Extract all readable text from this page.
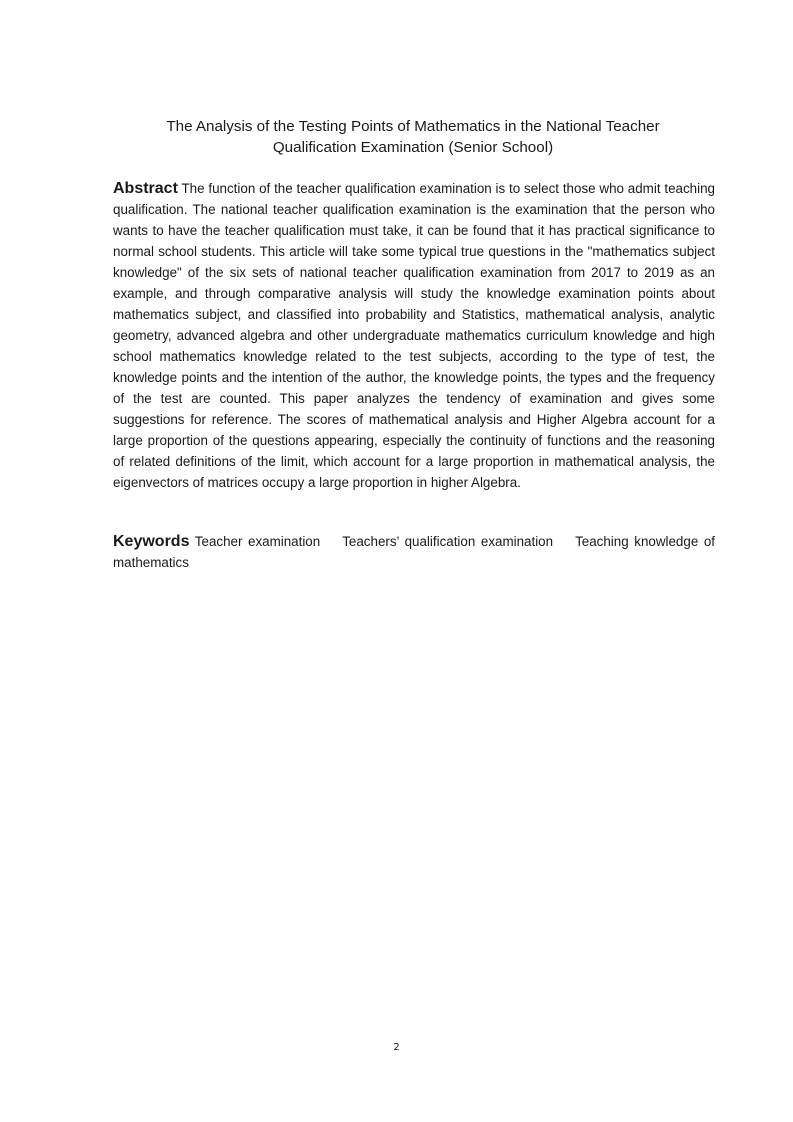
The Analysis of the Testing Points of Mathematics in the National Teacher
Qualification Examination (Senior School)

Abstract The function of the teacher qualification examination is to select those who admit teaching qualification. The national teacher qualification examination is the examination that the person who wants to have the teacher qualification must take, it can be found that it has practical significance to normal school students. This article will take some typical true questions in the "mathematics subject knowledge" of the six sets of national teacher qualification examination from 2017 to 2019 as an example, and through comparative analysis will study the knowledge examination points about mathematics subject, and classified into probability and Statistics, mathematical analysis, analytic geometry, advanced algebra and other undergraduate mathematics curriculum knowledge and high school mathematics knowledge related to the test subjects, according to the type of test, the knowledge points and the intention of the author, the knowledge points, the types and the frequency of the test are counted. This paper analyzes the tendency of examination and gives some suggestions for reference. The scores of mathematical analysis and Higher Algebra account for a large proportion of the questions appearing, especially the continuity of functions and the reasoning of related definitions of the limit, which account for a large proportion in mathematical analysis, the eigenvectors of matrices occupy a large proportion in higher Algebra.

Keywords Teacher examination    Teachers’ qualification examination    Teaching knowledge of mathematics

2
